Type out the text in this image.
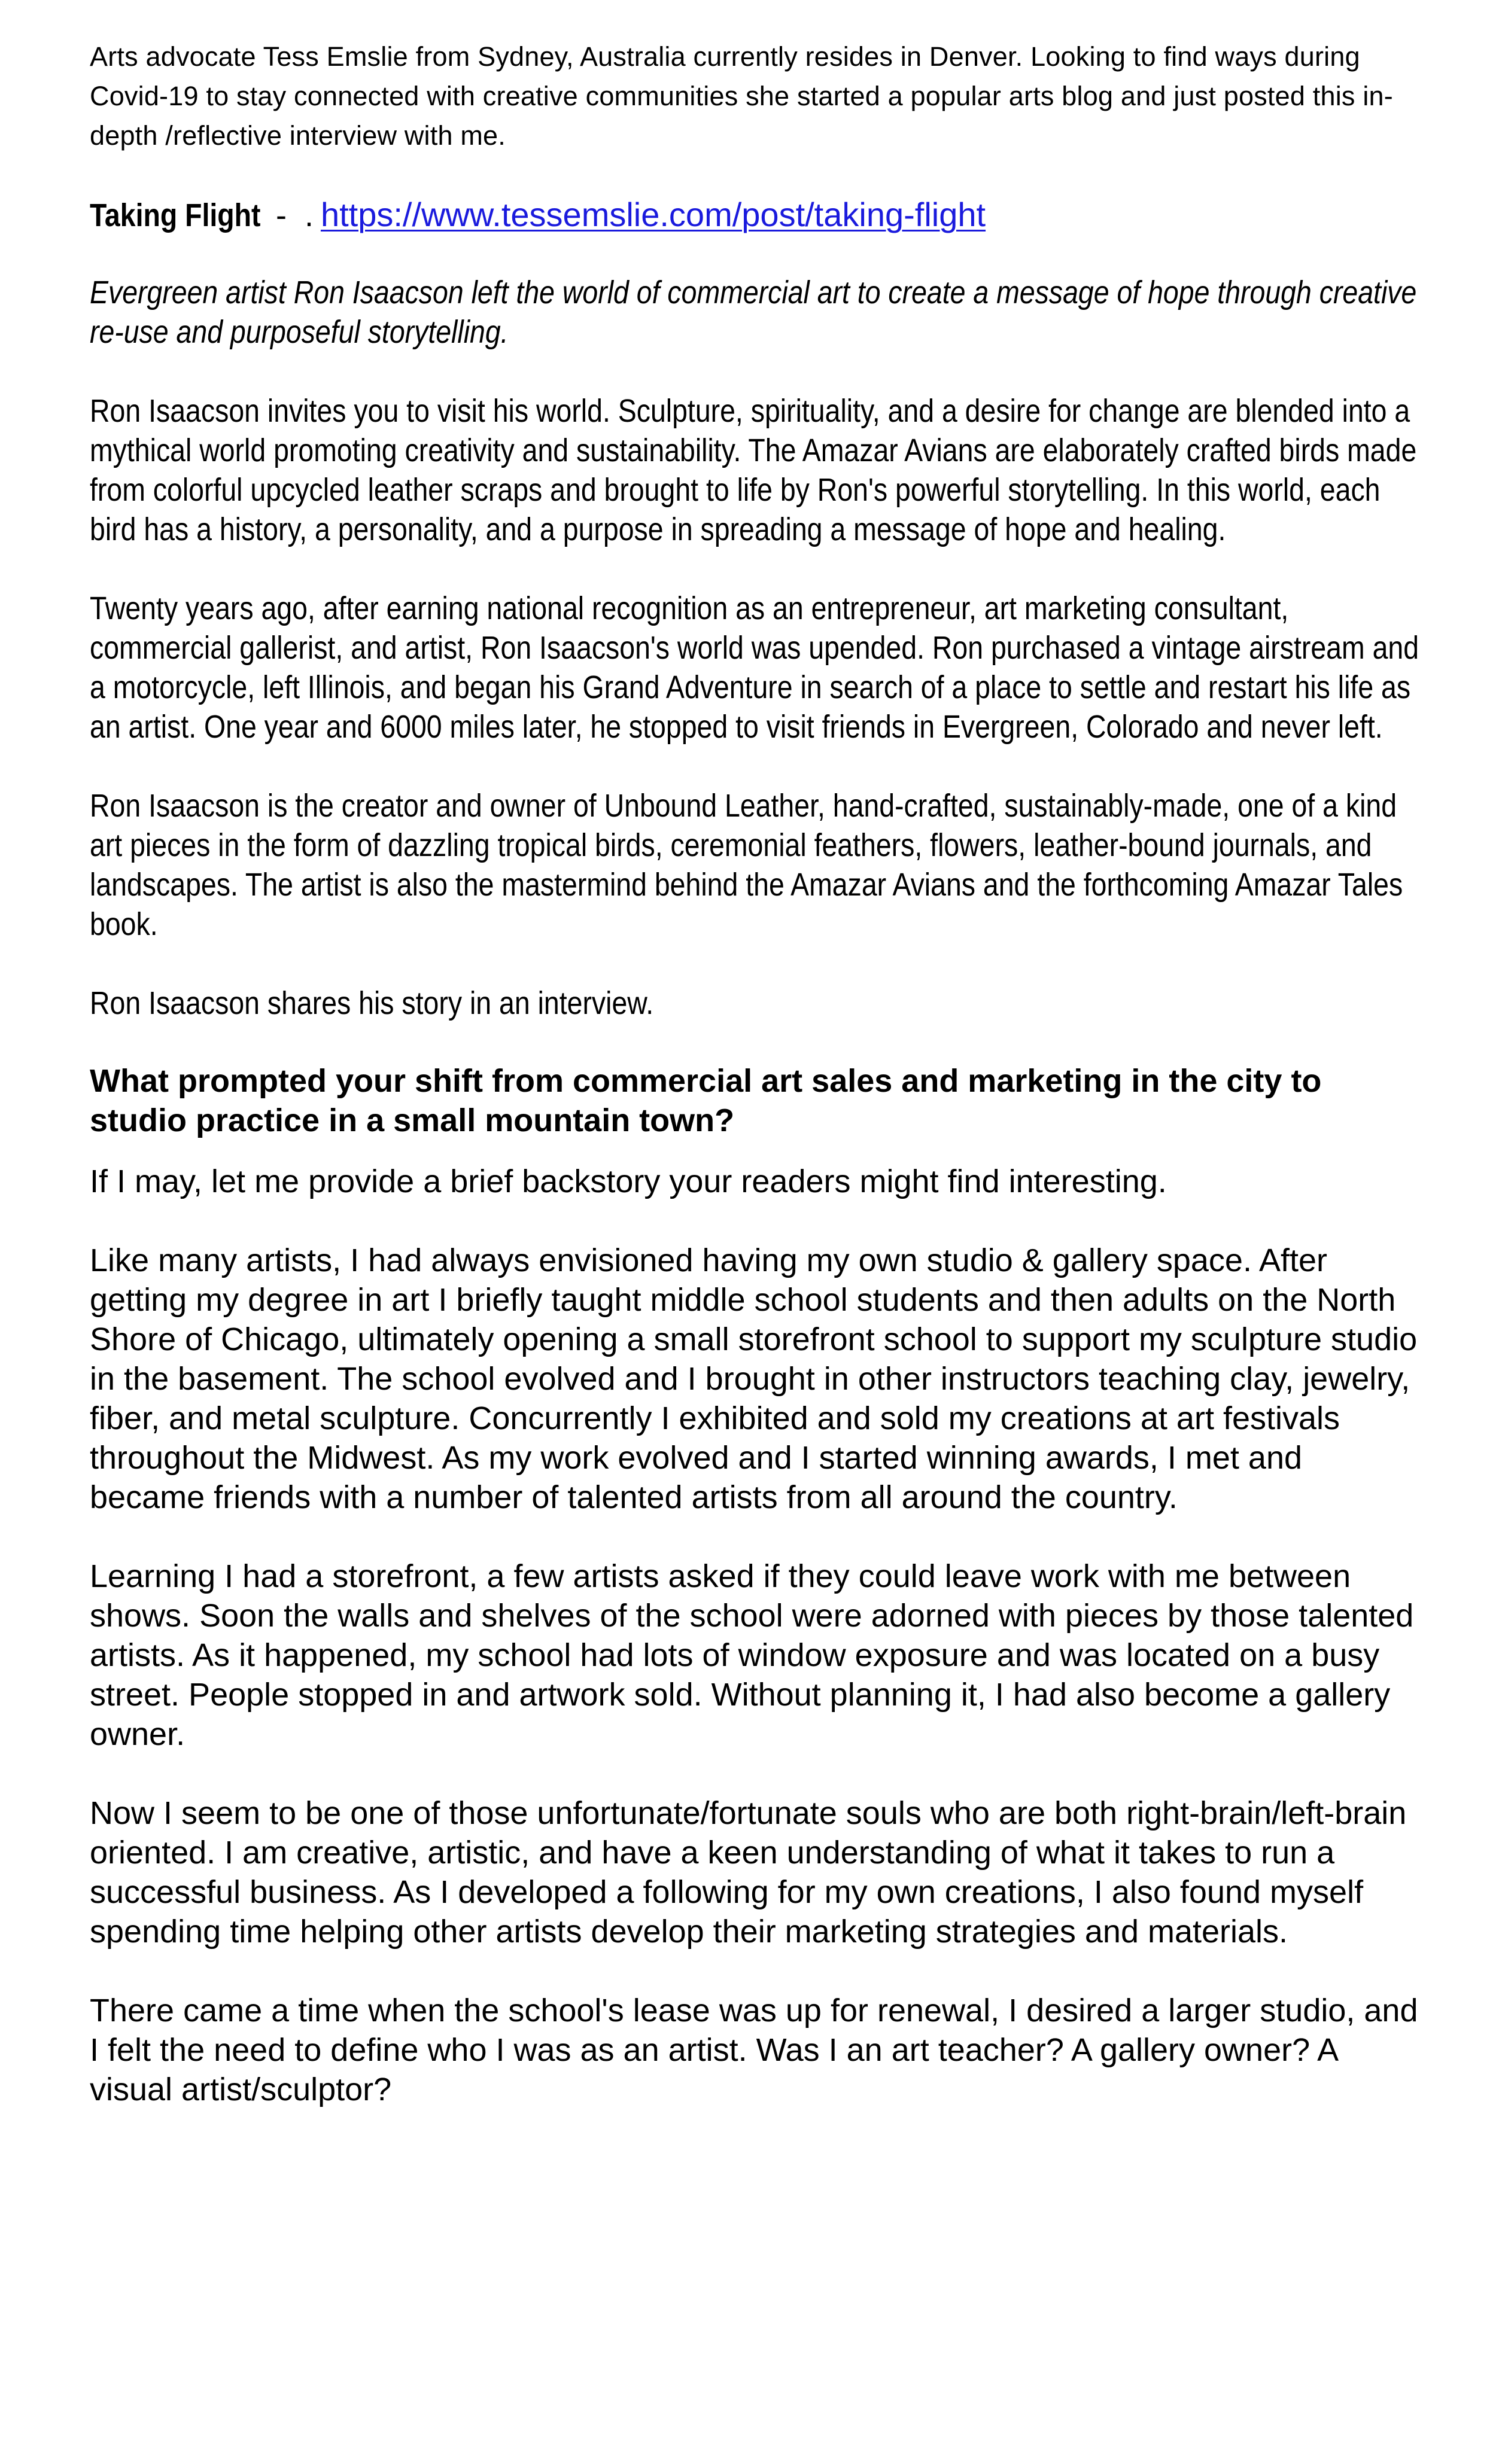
Arts advocate Tess Emslie from Sydney, Australia currently resides in Denver. Looking to find ways during Covid-19 to stay connected with creative communities she started a popular arts blog and just posted this in-depth /reflective interview with me.

Taking Flight -  . https://www.tessemslie.com/post/taking-flight

Evergreen artist Ron Isaacson left the world of commercial art to create a message of hope through creative re-use and purposeful storytelling.

Ron Isaacson invites you to visit his world. Sculpture, spirituality, and a desire for change are blended into a mythical world promoting creativity and sustainability. The Amazar Avians are elaborately crafted birds made from colorful upcycled leather scraps and brought to life by Ron's powerful storytelling. In this world, each bird has a history, a personality, and a purpose in spreading a message of hope and healing.

Twenty years ago, after earning national recognition as an entrepreneur, art marketing consultant, commercial gallerist, and artist, Ron Isaacson's world was upended. Ron purchased a vintage airstream and a motorcycle, left Illinois, and began his Grand Adventure in search of a place to settle and restart his life as an artist. One year and 6000 miles later, he stopped to visit friends in Evergreen, Colorado and never left.

Ron Isaacson is the creator and owner of Unbound Leather, hand-crafted, sustainably-made, one of a kind art pieces in the form of dazzling tropical birds, ceremonial feathers, flowers, leather-bound journals, and landscapes. The artist is also the mastermind behind the Amazar Avians and the forthcoming Amazar Tales book.

Ron Isaacson shares his story in an interview.

What prompted your shift from commercial art sales and marketing in the city to studio practice in a small mountain town?

If I may, let me provide a brief backstory your readers might find interesting.

Like many artists, I had always envisioned having my own studio & gallery space. After getting my degree in art I briefly taught middle school students and then adults on the North Shore of Chicago, ultimately opening a small storefront school to support my sculpture studio in the basement. The school evolved and I brought in other instructors teaching clay, jewelry, fiber, and metal sculpture. Concurrently I exhibited and sold my creations at art festivals throughout the Midwest. As my work evolved and I started winning awards, I met and became friends with a number of talented artists from all around the country.

Learning I had a storefront, a few artists asked if they could leave work with me between shows. Soon the walls and shelves of the school were adorned with pieces by those talented artists. As it happened, my school had lots of window exposure and was located on a busy street. People stopped in and artwork sold. Without planning it, I had also become a gallery owner.

Now I seem to be one of those unfortunate/fortunate souls who are both right-brain/left-brain oriented. I am creative, artistic, and have a keen understanding of what it takes to run a successful business. As I developed a following for my own creations, I also found myself spending time helping other artists develop their marketing strategies and materials.

There came a time when the school's lease was up for renewal, I desired a larger studio, and I felt the need to define who I was as an artist. Was I an art teacher? A gallery owner? A visual artist/sculptor?
